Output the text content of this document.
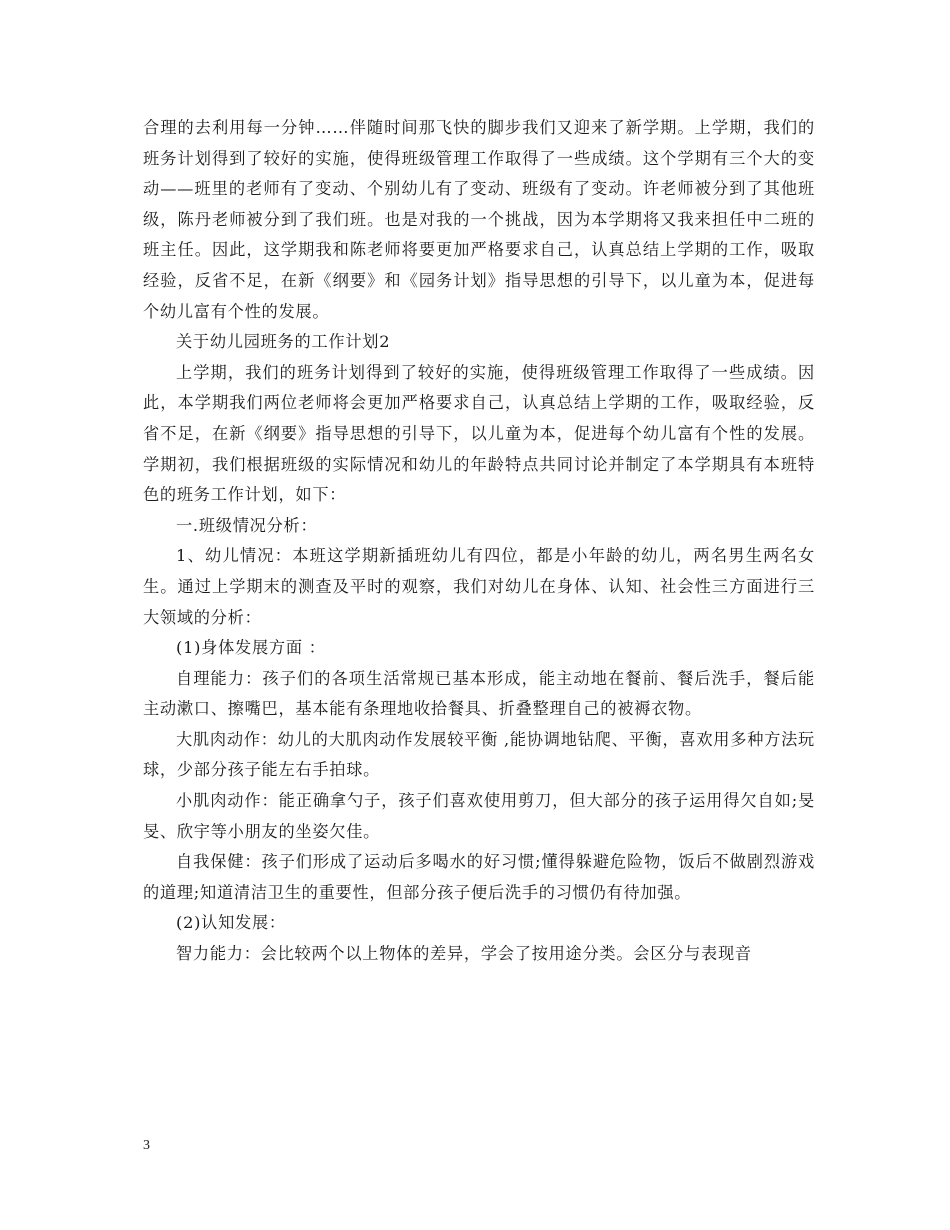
合理的去利用每一分钟……伴随时间那飞快的脚步我们又迎来了新学期。上学期，我们的班务计划得到了较好的实施，使得班级管理工作取得了一些成绩。这个学期有三个大的变动——班里的老师有了变动、个别幼儿有了变动、班级有了变动。许老师被分到了其他班级，陈丹老师被分到了我们班。也是对我的一个挑战，因为本学期将又我来担任中二班的班主任。因此，这学期我和陈老师将要更加严格要求自己，认真总结上学期的工作，吸取经验，反省不足，在新《纲要》和《园务计划》指导思想的引导下，以儿童为本，促进每个幼儿富有个性的发展。

关于幼儿园班务的工作计划2

上学期，我们的班务计划得到了较好的实施，使得班级管理工作取得了一些成绩。因此，本学期我们两位老师将会更加严格要求自己，认真总结上学期的工作，吸取经验，反省不足，在新《纲要》指导思想的引导下，以儿童为本，促进每个幼儿富有个性的发展。学期初，我们根据班级的实际情况和幼儿的年龄特点共同讨论并制定了本学期具有本班特色的班务工作计划，如下：

一.班级情况分析：

1、幼儿情况：本班这学期新插班幼儿有四位，都是小年龄的幼儿，两名男生两名女生。通过上学期末的测查及平时的观察，我们对幼儿在身体、认知、社会性三方面进行三大领域的分析：

(1)身体发展方面 ：

自理能力：孩子们的各项生活常规已基本形成，能主动地在餐前、餐后洗手，餐后能主动漱口、擦嘴巴，基本能有条理地收拾餐具、折叠整理自己的被褥衣物。

大肌肉动作：幼儿的大肌肉动作发展较平衡 ,能协调地钻爬、平衡，喜欢用多种方法玩球，少部分孩子能左右手拍球。

小肌肉动作：能正确拿勺子，孩子们喜欢使用剪刀，但大部分的孩子运用得欠自如;旻旻、欣宇等小朋友的坐姿欠佳。

自我保健：孩子们形成了运动后多喝水的好习惯;懂得躲避危险物，饭后不做剧烈游戏的道理;知道清洁卫生的重要性，但部分孩子便后洗手的习惯仍有待加强。

(2)认知发展：

智力能力：会比较两个以上物体的差异，学会了按用途分类。会区分与表现音

3
